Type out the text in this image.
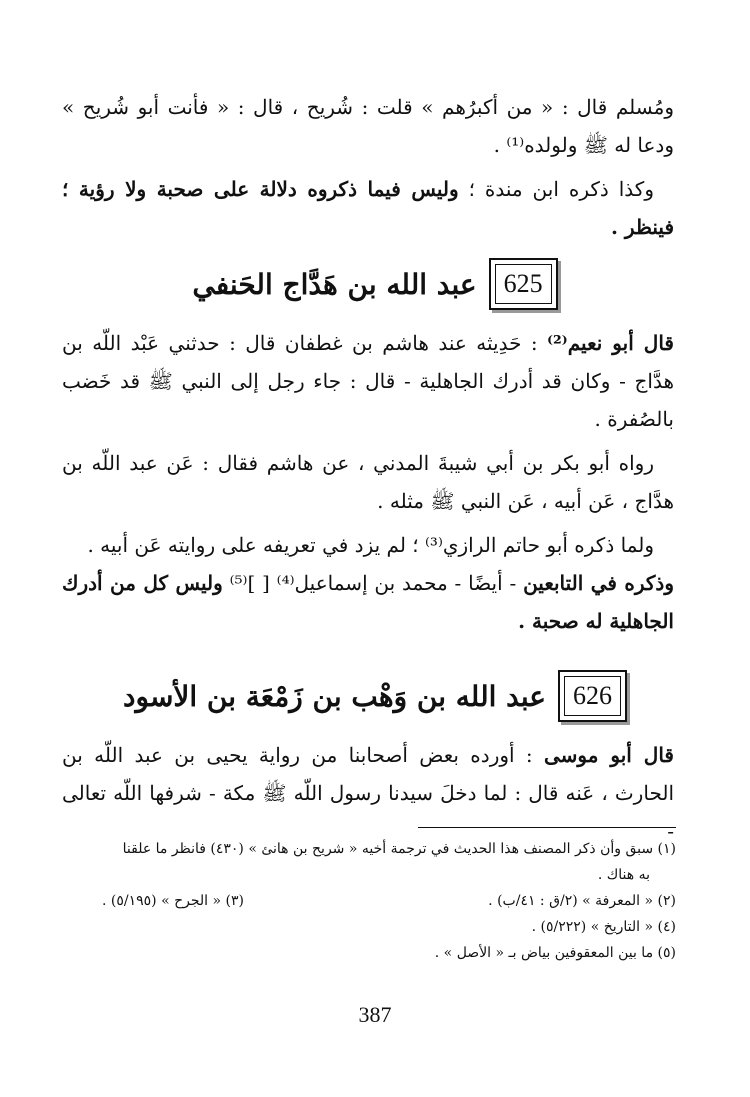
ومُسلم قال : « من أكبرُهم » قلت : شُريح ، قال : « فأنت أبو شُريح » ودعا له ﷺ ولولده⁽¹⁾ .

وكذا ذكره ابن مندة ؛ وليس فيما ذكروه دلالة على صحبة ولا رؤية ؛ فينظر .

625
عبد الله بن هَدَّاج الحَنفي

قال أبو نعيم⁽²⁾ : حَدِيثه عند هاشم بن غطفان قال : حدثني عَبْد اللّه بن هدَّاج - وكان قد أدرك الجاهلية - قال : جاء رجل إلى النبي ﷺ قد خَضب بالصُفرة .

رواه أبو بكر بن أبي شيبةَ المدني ، عن هاشم فقال : عَن عبد اللّه بن هدَّاج ، عَن أبيه ، عَن النبي ﷺ مثله .

ولما ذكره أبو حاتم الرازي⁽³⁾ ؛ لم يزد في تعريفه على روايته عَن أبيه .

وذكره في التابعين - أيضًا - محمد بن إسماعيل⁽⁴⁾ [ ]⁽⁵⁾ وليس كل من أدرك الجاهلية له صحبة .

626
عبد الله بن وَهْب بن زَمْعَة بن الأسود

قال أبو موسى : أورده بعض أصحابنا من رواية يحيى بن عبد اللّه بن الحارث ، عَنه قال : لما دخلَ سيدنا رسول اللّه ﷺ مكة - شرفها اللّه تعالى -

(١) سبق وأن ذكر المصنف هذا الحديث في ترجمة أخيه « شريح بن هانئ » (٤٣٠) فانظر ما علقنا
به هناك .
(٢) « المعرفة » (٢/ق : ٤١/ب) .
(٣) « الجرح » (٥/١٩٥) .
(٤) « التاريخ » (٥/٢٢٢) .
(٥) ما بين المعقوفين بياض بـ « الأصل » .
387
